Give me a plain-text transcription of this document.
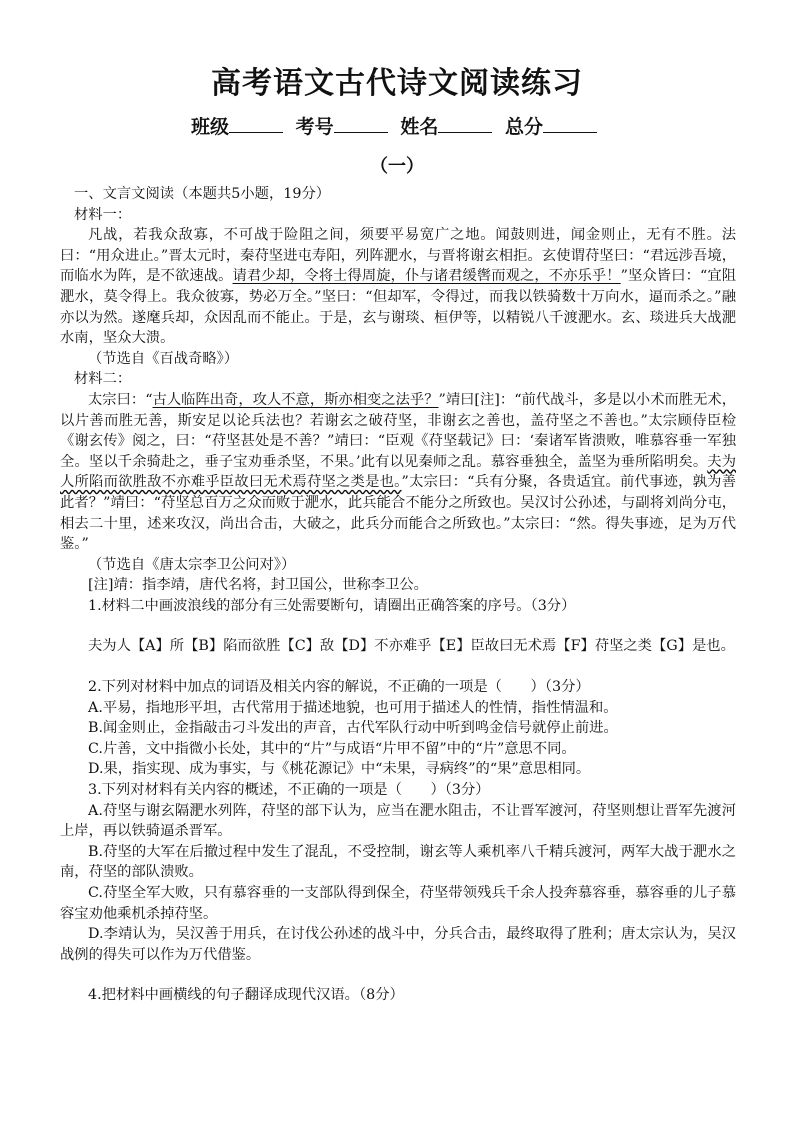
高考语文古代诗文阅读练习
班级	考号	姓名	总分
（一）

一、文言文阅读（本题共5小题，19分）

材料一：

凡战，若我众敌寡，不可战于险阻之间，须要平易宽广之地。闻鼓则进，闻金则止，无有不胜。法曰：“用众进止。”晋太元时，秦苻坚进屯寿阳，列阵淝水，与晋将谢玄相拒。玄使谓苻坚曰：“君远涉吾境，而临水为阵，是不欲速战。请君少却，令将士得周旋，仆与诸君缓辔而观之，不亦乐乎！”坚众皆曰：“宜阻淝水，莫令得上。我众彼寡，势必万全。”坚曰：“但却军，令得过，而我以铁骑数十万向水，逼而杀之。”融亦以为然。遂麾兵却，众因乱而不能止。于是，玄与谢琰、桓伊等，以精锐八千渡淝水。玄、琰进兵大战淝水南，坚众大溃。

（节选自《百战奇略》）

材料二：

太宗曰：“古人临阵出奇，攻人不意，斯亦相变之法乎？”靖曰[注]：“前代战斗，多是以小术而胜无术，以片善而胜无善，斯安足以论兵法也？若谢玄之破苻坚，非谢玄之善也，盖苻坚之不善也。”太宗顾侍臣检《谢玄传》阅之，曰：“苻坚甚处是不善？”靖曰：“臣观《苻坚载记》曰：‘秦诸军皆溃败，唯慕容垂一军独全。坚以千余骑赴之，垂子宝劝垂杀坚，不果。’此有以见秦师之乱。慕容垂独全，盖坚为垂所陷明矣。夫为人所陷而欲胜敌不亦难乎臣故曰无术焉苻坚之类是也。”太宗曰：“兵有分聚，各贵适宜。前代事迹，孰为善此者？”靖曰：“苻坚总百万之众而败于淝水，此兵能合不能分之所致也。吴汉讨公孙述，与副将刘尚分屯，相去二十里，述来攻汉，尚出合击，大破之，此兵分而能合之所致也。”太宗曰：“然。得失事迹，足为万代鉴。”

（节选自《唐太宗李卫公问对》）

[注]靖：指李靖，唐代名将，封卫国公，世称李卫公。

1.材料二中画波浪线的部分有三处需要断句，请圈出正确答案的序号。（3分）

夫为人【A】所【B】陷而欲胜【C】敌【D】不亦难乎【E】臣故曰无术焉【F】苻坚之类【G】是也。

2.下列对材料中加点的词语及相关内容的解说，不正确的一项是（　　）（3分）

A.平易，指地形平坦，古代常用于描述地貌，也可用于描述人的性情，指性情温和。

B.闻金则止，金指敲击刁斗发出的声音，古代军队行动中听到鸣金信号就停止前进。

C.片善，文中指微小长处，其中的“片”与成语“片甲不留”中的“片”意思不同。

D.果，指实现、成为事实，与《桃花源记》中“未果，寻病终”的“果”意思相同。

3.下列对材料有关内容的概述，不正确的一项是（　　）（3分）

A.苻坚与谢玄隔淝水列阵，苻坚的部下认为，应当在淝水阻击，不让晋军渡河，苻坚则想让晋军先渡河上岸，再以铁骑逼杀晋军。

B.苻坚的大军在后撤过程中发生了混乱，不受控制，谢玄等人乘机率八千精兵渡河，两军大战于淝水之南，苻坚的部队溃败。

C.苻坚全军大败，只有慕容垂的一支部队得到保全，苻坚带领残兵千余人投奔慕容垂，慕容垂的儿子慕容宝劝他乘机杀掉苻坚。

D.李靖认为，吴汉善于用兵，在讨伐公孙述的战斗中，分兵合击，最终取得了胜利；唐太宗认为，吴汉战例的得失可以作为万代借鉴。

4.把材料中画横线的句子翻译成现代汉语。（8分）
